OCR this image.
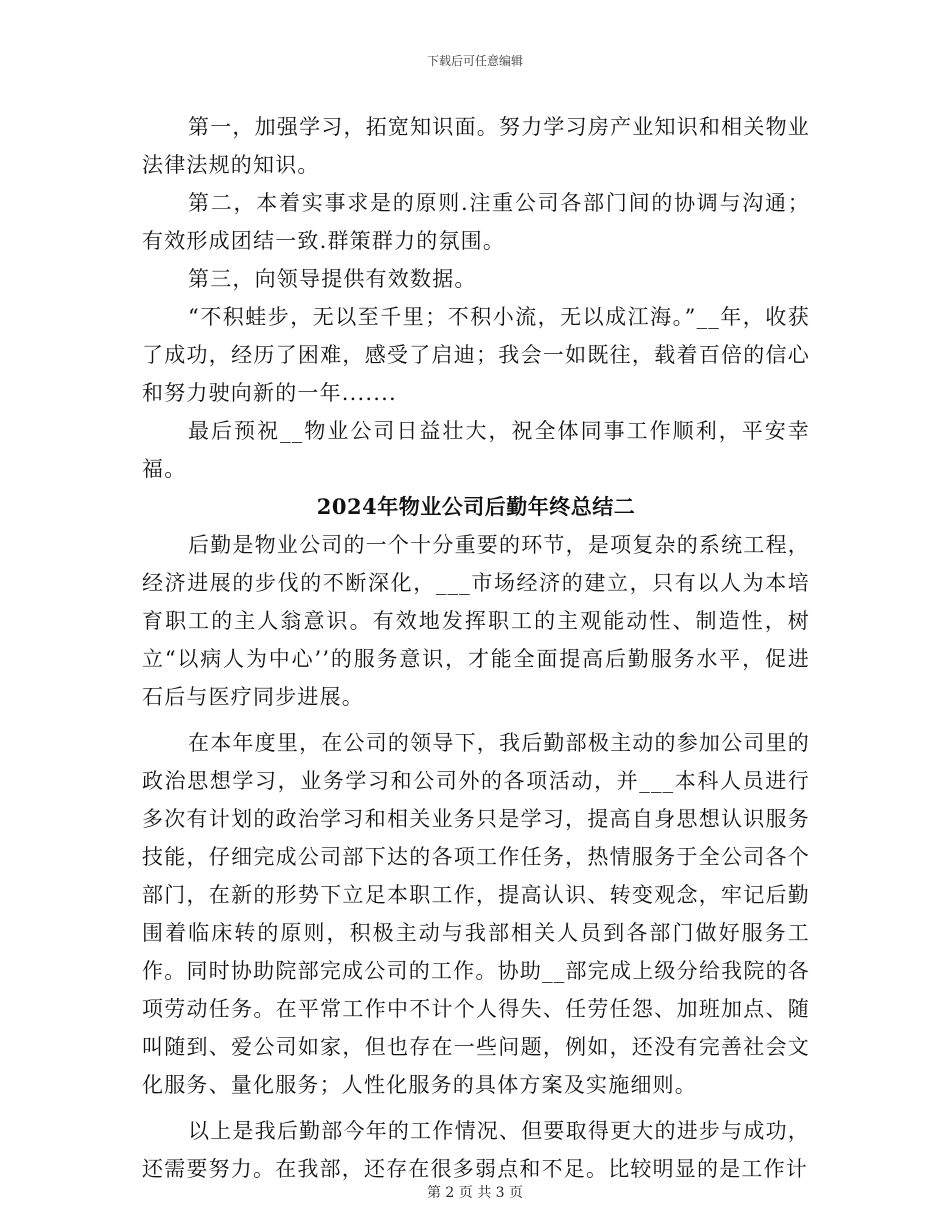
下载后可任意编辑

第一，加强学习，拓宽知识面。努力学习房产业知识和相关物业法律法规的知识。

第二，本着实事求是的原则.注重公司各部门间的协调与沟通；有效形成团结一致.群策群力的氛围。

第三，向领导提供有效数据。

“不积蛙步，无以至千里；不积小流，无以成江海。”__年，收获了成功，经历了困难，感受了启迪；我会一如既往，载着百倍的信心和努力驶向新的一年.......

最后预祝__物业公司日益壮大，祝全体同事工作顺利，平安幸福。

2024年物业公司后勤年终总结二

后勤是物业公司的一个十分重要的环节，是项复杂的系统工程，经济进展的步伐的不断深化，___市场经济的建立，只有以人为本培育职工的主人翁意识。有效地发挥职工的主观能动性、制造性，树立“以病人为中心’’的服务意识，才能全面提高后勤服务水平，促进石后与医疗同步进展。

在本年度里，在公司的领导下，我后勤部极主动的参加公司里的政治思想学习，业务学习和公司外的各项活动，并___本科人员进行多次有计划的政治学习和相关业务只是学习，提高自身思想认识服务技能，仔细完成公司部下达的各项工作任务，热情服务于全公司各个部门，在新的形势下立足本职工作，提高认识、转变观念，牢记后勤围着临床转的原则，积极主动与我部相关人员到各部门做好服务工作。同时协助院部完成公司的工作。协助__部完成上级分给我院的各项劳动任务。在平常工作中不计个人得失、任劳任怨、加班加点、随叫随到、爱公司如家，但也存在一些问题，例如，还没有完善社会文化服务、量化服务；人性化服务的具体方案及实施细则。

以上是我后勤部今年的工作情况、但要取得更大的进步与成功，还需要努力。在我部，还存在很多弱点和不足。比较明显的是工作计

第 2 页 共 3 页
